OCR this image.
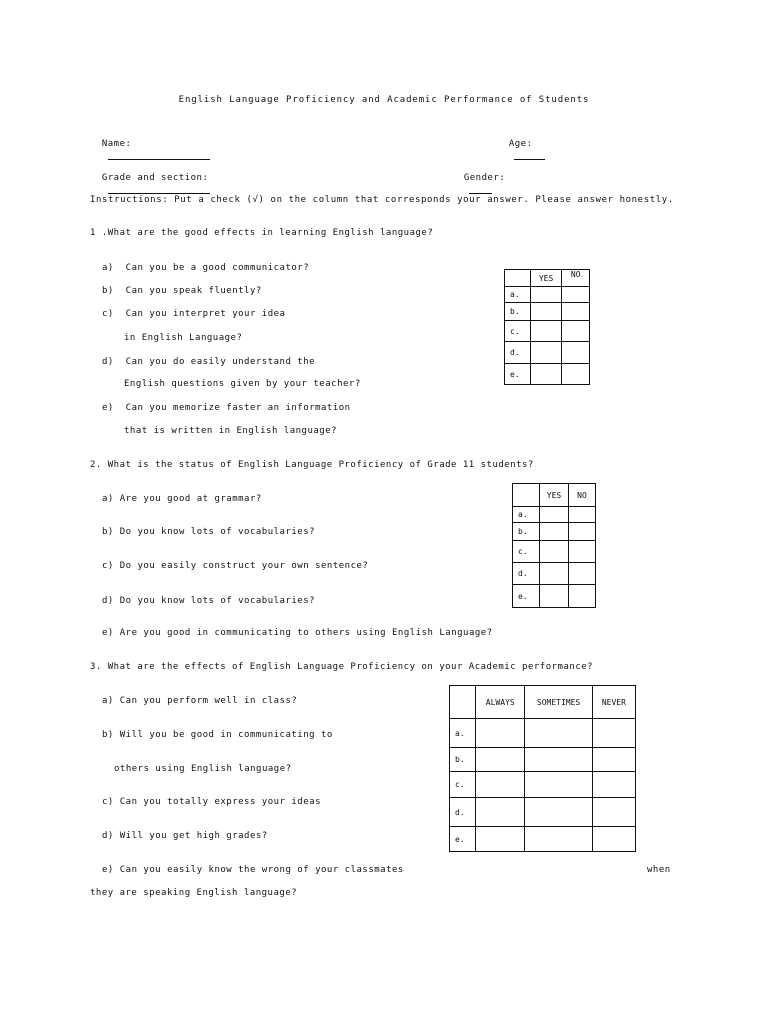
English Language Proficiency and Academic Performance of Students

Name:
	Age:

Grade and section:
	Gender:

Instructions: Put a check (√) on the column that corresponds your answer. Please answer honestly.
1 .What are the good effects in learning English language?
a)  Can you be a good communicator?
b)  Can you speak fluently?
c)  Can you interpret your idea
in English Language?
d)  Can you do easily understand the
English questions given by your teacher?
e)  Can you memorize faster an information
that is written in English language?
	YES	NO
a.		
b.		
c.		
d.		
e.		
2. What is the status of English Language Proficiency of Grade 11 students?
a) Are you good at grammar?
b) Do you know lots of vocabularies?
c) Do you easily construct your own sentence?
d) Do you know lots of vocabularies?
e) Are you good in communicating to others using English Language?
	YES	NO
a.		
b.		
c.		
d.		
e.		
3. What are the effects of English Language Proficiency on your Academic performance?
a) Can you perform well in class?
b) Will you be good in communicating to
others using English language?
c) Can you totally express your ideas
d) Will you get high grades?
e) Can you easily know the wrong of your classmates	when
they are speaking English language?
	ALWAYS	SOMETIMES	NEVER
a.			
b.			
c.			
d.			
e.			
